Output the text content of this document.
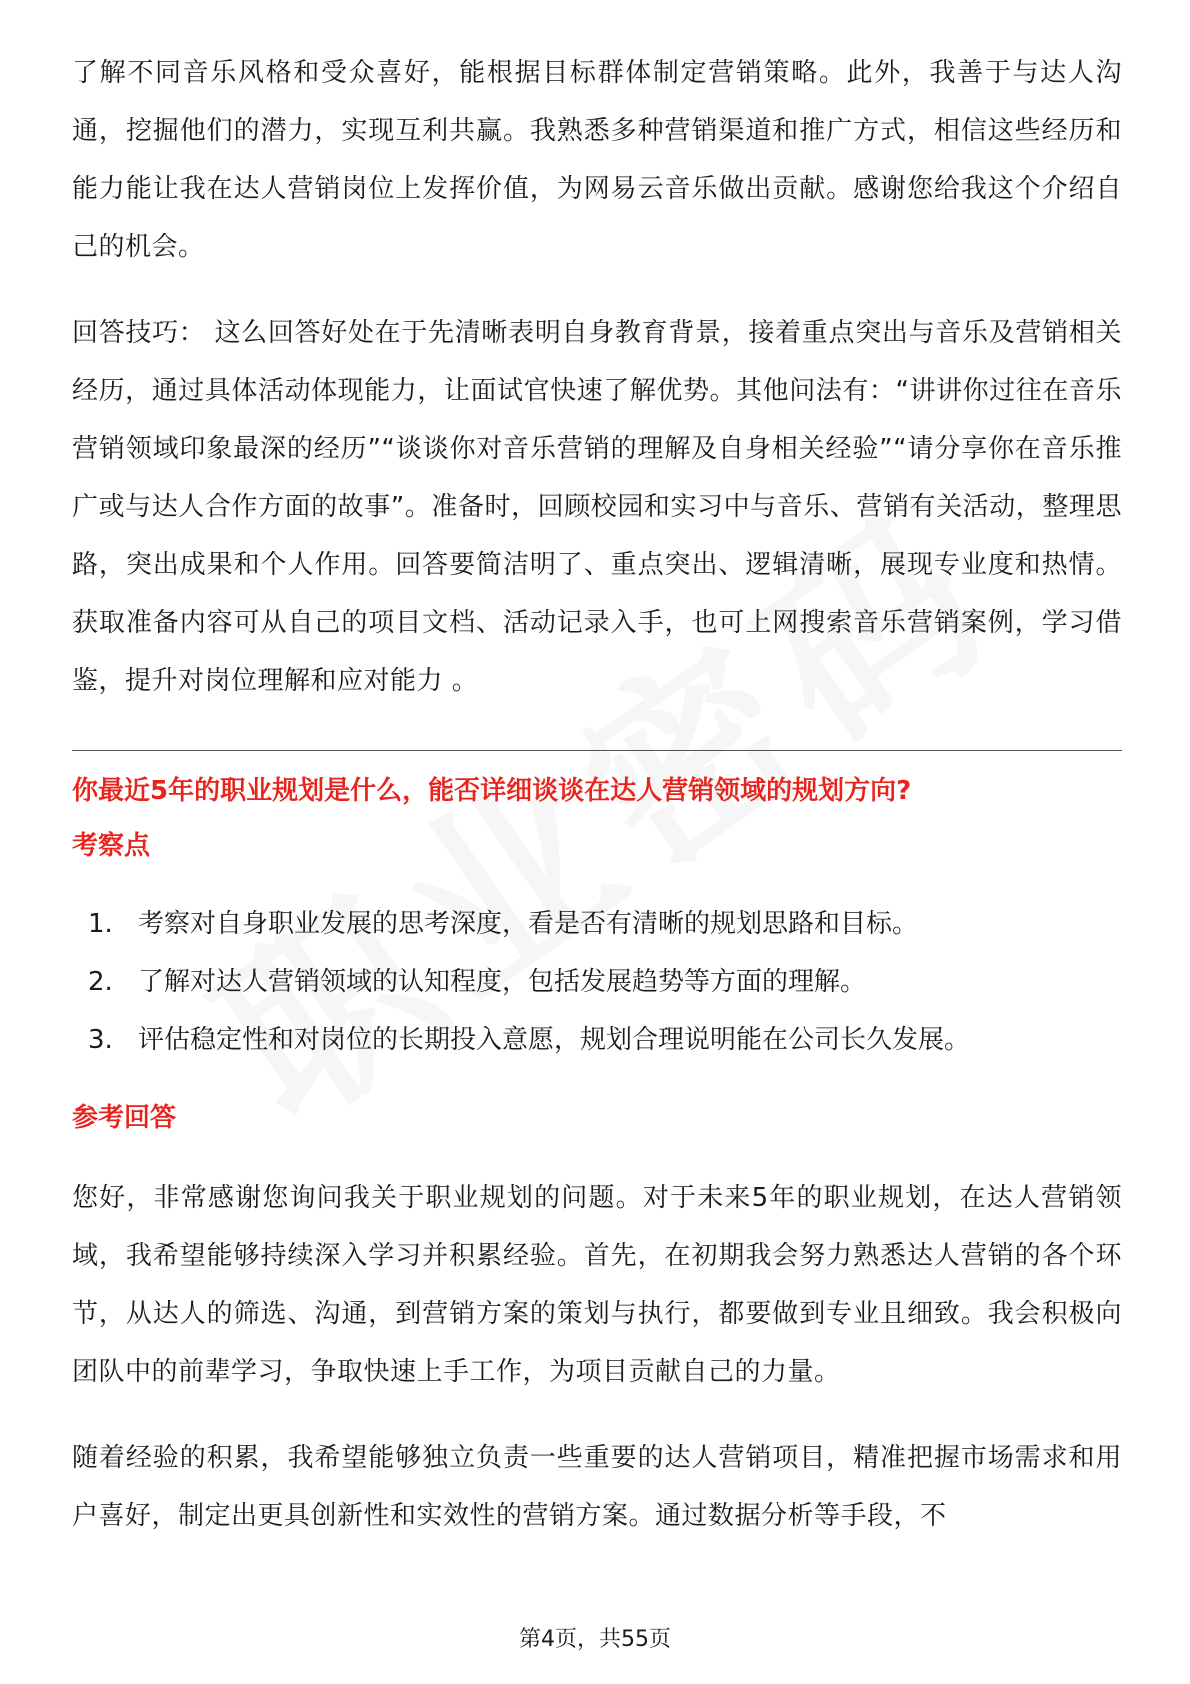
了解不同音乐风格和受众喜好，能根据目标群体制定营销策略。此外，我善于与达人沟通，挖掘他们的潜力，实现互利共赢。我熟悉多种营销渠道和推广方式，相信这些经历和能力能让我在达人营销岗位上发挥价值，为网易云音乐做出贡献。感谢您给我这个介绍自己的机会。

回答技巧： 这么回答好处在于先清晰表明自身教育背景，接着重点突出与音乐及营销相关经历，通过具体活动体现能力，让面试官快速了解优势。其他问法有：“讲讲你过往在音乐营销领域印象最深的经历”“谈谈你对音乐营销的理解及自身相关经验”“请分享你在音乐推广或与达人合作方面的故事”。准备时，回顾校园和实习中与音乐、营销有关活动，整理思路，突出成果和个人作用。回答要简洁明了、重点突出、逻辑清晰，展现专业度和热情。获取准备内容可从自己的项目文档、活动记录入手，也可上网搜索音乐营销案例，学习借鉴，提升对岗位理解和应对能力 。

你最近5年的职业规划是什么，能否详细谈谈在达人营销领域的规划方向?

考察点

1. 考察对自身职业发展的思考深度，看是否有清晰的规划思路和目标。
2. 了解对达人营销领域的认知程度，包括发展趋势等方面的理解。
3. 评估稳定性和对岗位的长期投入意愿，规划合理说明能在公司长久发展。

参考回答

您好，非常感谢您询问我关于职业规划的问题。对于未来5年的职业规划，在达人营销领域，我希望能够持续深入学习并积累经验。首先，在初期我会努力熟悉达人营销的各个环节，从达人的筛选、沟通，到营销方案的策划与执行，都要做到专业且细致。我会积极向团队中的前辈学习，争取快速上手工作，为项目贡献自己的力量。

随着经验的积累，我希望能够独立负责一些重要的达人营销项目，精准把握市场需求和用户喜好，制定出更具创新性和实效性的营销方案。通过数据分析等手段，不

第4页，共55页
